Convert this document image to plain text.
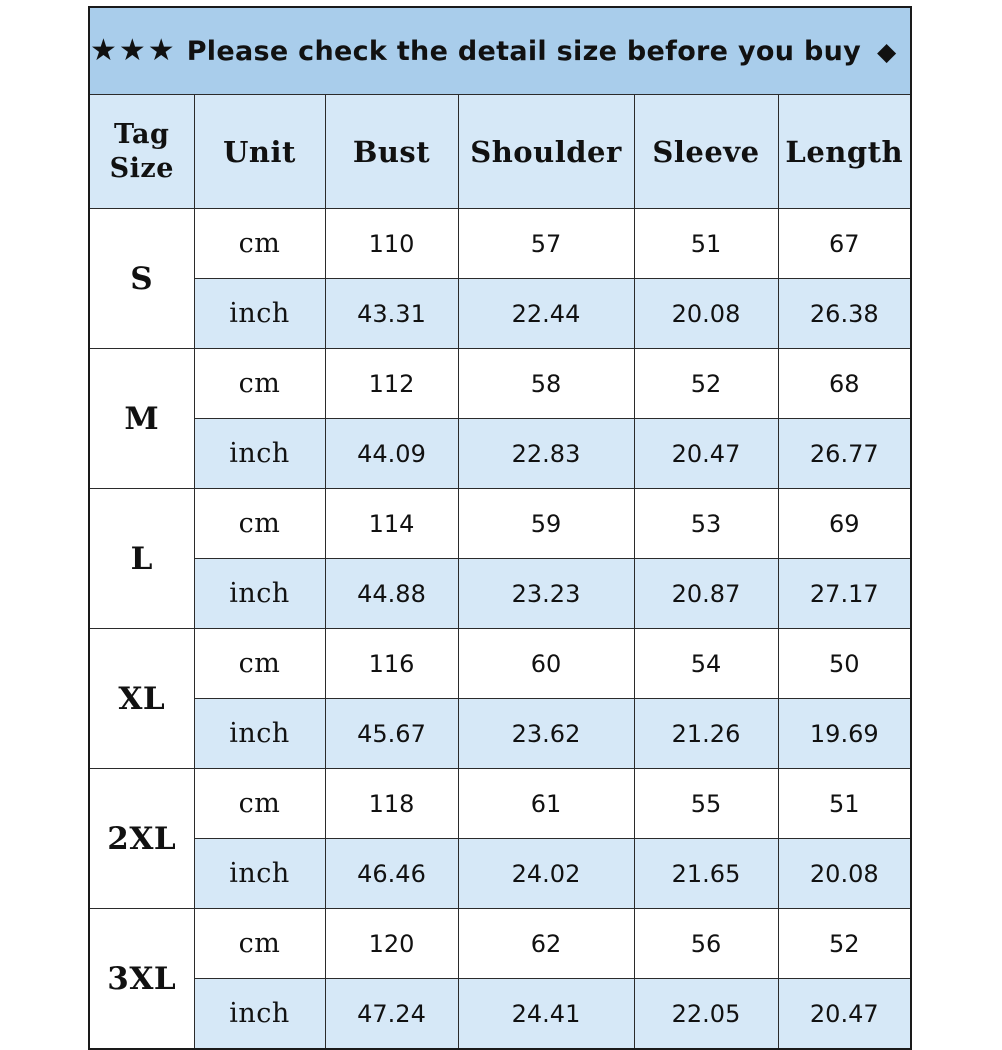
★★★ Please check the detail size before you buy ◆					

Tag
Size	Unit	Bust	Shoulder	Sleeve	Length
S	cm	110	57	51	67
	inch	43.31	22.44	20.08	26.38
M	cm	112	58	52	68
	inch	44.09	22.83	20.47	26.77
L	cm	114	59	53	69
	inch	44.88	23.23	20.87	27.17
XL	cm	116	60	54	50
	inch	45.67	23.62	21.26	19.69
2XL	cm	118	61	55	51
	inch	46.46	24.02	21.65	20.08
3XL	cm	120	62	56	52
	inch	47.24	24.41	22.05	20.47
